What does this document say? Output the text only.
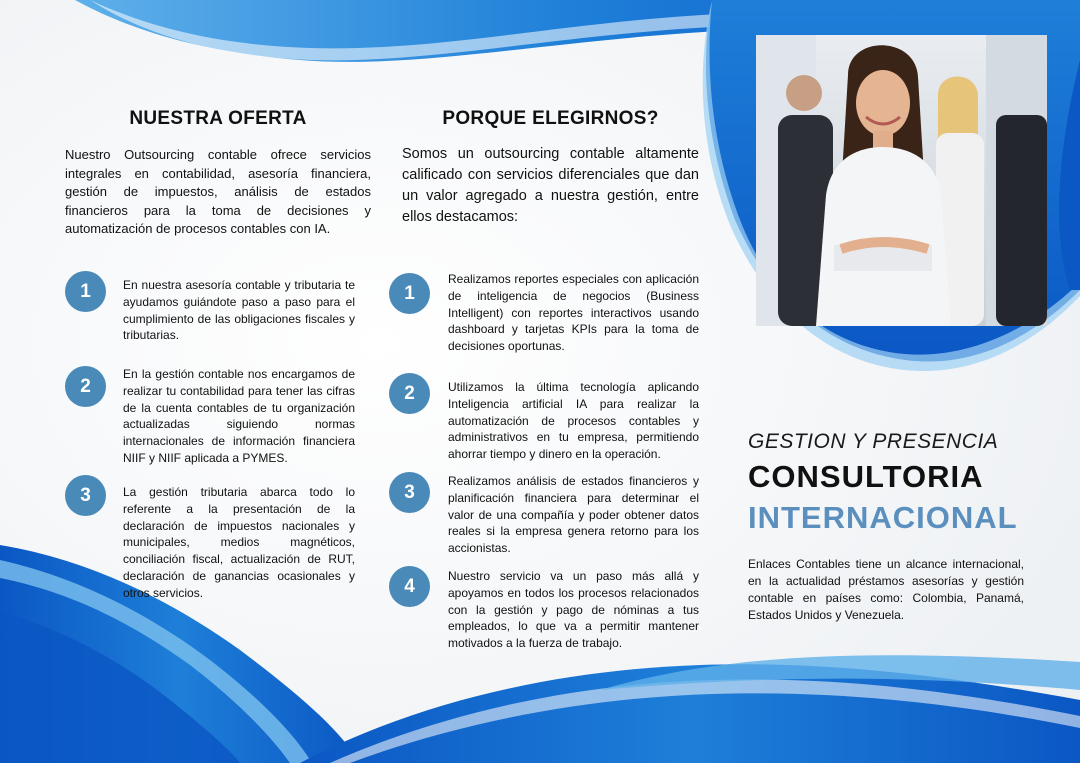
NUESTRA OFERTA
Nuestro Outsourcing contable ofrece servicios integrales en contabilidad, asesoría financiera, gestión de impuestos, análisis de estados financieros para la toma de decisiones y automatización de procesos contables con IA.
1	En nuestra asesoría contable y tributaria te ayudamos guiándote paso a paso para el cumplimiento de las obligaciones fiscales y tributarias.
2
En la gestión contable nos encargamos de realizar tu contabilidad para tener las cifras de la cuenta contables de tu organización actualizadas siguiendo normas internacionales de información financiera NIIF y NIIF aplicada a PYMES.
3	La gestión tributaria abarca todo lo referente a la presentación de la declaración de impuestos nacionales y municipales, medios magnéticos, conciliación fiscal, actualización de RUT, declaración de ganancias ocasionales y otros servicios.
PORQUE ELEGIRNOS?
Somos un outsourcing contable altamente calificado con servicios diferenciales que dan un valor agregado a nuestra gestión, entre ellos destacamos:
1
Realizamos reportes especiales con aplicación de inteligencia de negocios (Business Intelligent) con reportes interactivos usando dashboard y tarjetas KPIs para la toma de decisiones oportunas.
2	Utilizamos la última tecnología aplicando Inteligencia artificial IA para realizar la automatización de procesos contables y administrativos en tu empresa, permitiendo ahorrar tiempo y dinero en la operación.
3
Realizamos análisis de estados financieros y planificación financiera para determinar el valor de una compañía y poder obtener datos reales si la empresa genera retorno para los accionistas.
4	Nuestro servicio va un paso más allá y apoyamos en todos los procesos relacionados con la gestión y pago de nóminas a tus empleados, lo que va a permitir mantener motivados a la fuerza de trabajo.
GESTION Y PRESENCIA
CONSULTORIA
INTERNACIONAL
Enlaces Contables tiene un alcance internacional, en la actualidad préstamos asesorías y gestión contable en países como: Colombia, Panamá, Estados Unidos y Venezuela.
